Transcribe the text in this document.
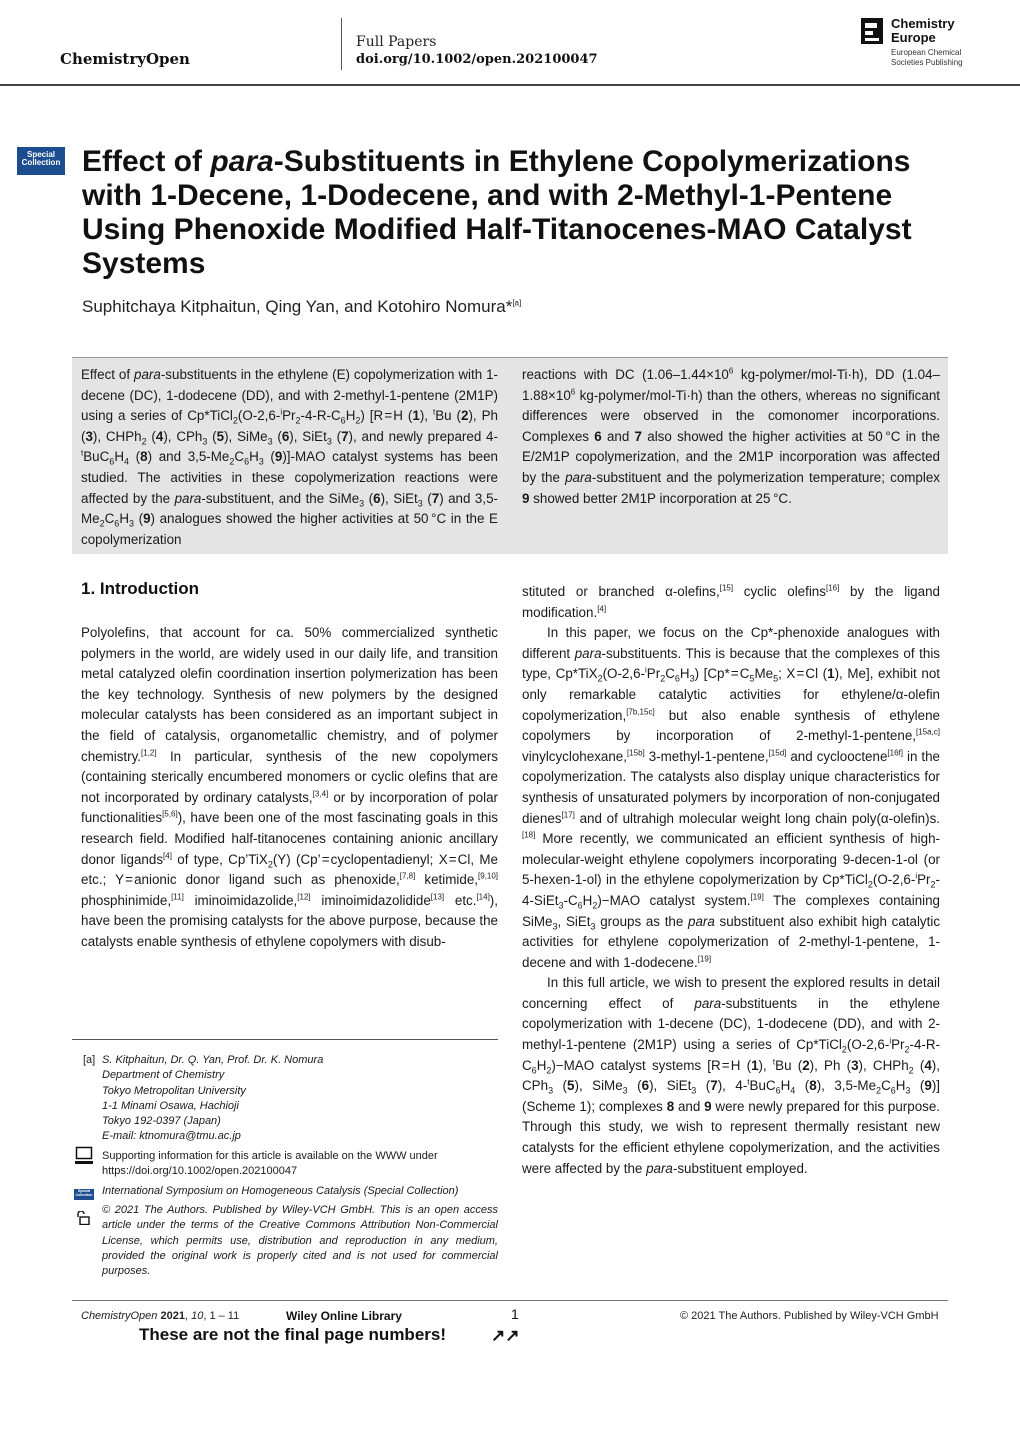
ChemistryOpen
Full Papers
doi.org/10.1002/open.202100047
Chemistry
Europe
European Chemical
Societies Publishing
Special
Collection Effect of para-Substituents in Ethylene Copolymerizations with 1-Decene, 1-Dodecene, and with 2-Methyl-1-Pentene Using Phenoxide Modified Half-Titanocenes-MAO Catalyst Systems
Suphitchaya Kitphaitun, Qing Yan, and Kotohiro Nomura*[a]
Effect of para-substituents in the ethylene (E) copolymerization with 1-decene (DC), 1-dodecene (DD), and with 2-methyl-1-pentene (2M1P) using a series of $Cp*TiCl_2(O-2,6-^iPr_2-4-R-C_6H_2)$ [R = H (1), $^t$Bu (2), Ph (3), CHPh$_2$ (4), CPh$_3$ (5), SiMe$_3$ (6), SiEt$_3$ (7), and newly prepared $4-^tBuC_6H_4$ (8) and $3,5-Me_2C_6H_3$ (9)]-MAO catalyst systems has been studied. The activities in these copolymerization reactions were affected by the para-substituent, and the SiMe$_3$ (6), SiEt$_3$ (7) and $3,5-Me_2C_6H_3$ (9) analogues showed the higher activities at 50 °C in the E copolymerization
reactions with DC ($1.06-1.44\times 10^6$ kg-polymer/mol-Ti·h), DD ($1.04-1.88\times 10^6$ kg-polymer/mol-Ti·h) than the others, whereas no significant differences were observed in the comonomer incorporations. Complexes 6 and 7 also showed the higher activities at 50 °C in the E/2M1P copolymerization, and the 2M1P incorporation was affected by the para-substituent and the polymerization temperature; complex 9 showed better 2M1P incorporation at 25 °C.
1. Introduction

Polyolefins, that account for ca. 50% commercialized synthetic polymers in the world, are widely used in our daily life, and transition metal catalyzed olefin coordination insertion polymerization has been the key technology. Synthesis of new polymers by the designed molecular catalysts has been considered as an important subject in the field of catalysis, organometallic chemistry, and of polymer chemistry.[1,2] In particular, synthesis of the new copolymers (containing sterically encumbered monomers or cyclic olefins that are not incorporated by ordinary catalysts,[3,4] or by incorporation of polar functionalities[5,6]), have been one of the most fascinating goals in this research field. Modified half-titanocenes containing anionic ancillary donor ligands[4] of type, Cp’TiX$_2$(Y) (Cp’ = cyclopentadienyl; X = Cl, Me etc.; Y = anionic donor ligand such as phenoxide,[7,8] ketimide,[9,10] phosphinimide,[11] iminoimidazolide,[12] iminoimidazolidide[13] etc.[14]), have been the promising catalysts for the above purpose, because the catalysts enable synthesis of ethylene copolymers with disub-

stituted or branched α-olefins,[15] cyclic olefins[16] by the ligand modification.[4]

In this paper, we focus on the Cp*-phenoxide analogues with different para-substituents. This is because that the complexes of this type, $Cp*TiX_2(O-2,6-^iPr_2C_6H_3)$ [Cp* = $C_5Me_5$; X = Cl (1), Me], exhibit not only remarkable catalytic activities for ethylene/α-olefin copolymerization,[7b,15c] but also enable synthesis of ethylene copolymers by incorporation of 2-methyl-1-pentene,[15a,c] vinylcyclohexane,[15b] 3-methyl-1-pentene,[15d] and cyclooctene[16f] in the copolymerization. The catalysts also display unique characteristics for synthesis of unsaturated polymers by incorporation of non-conjugated dienes[17] and of ultrahigh molecular weight long chain poly(α-olefin)s.[18] More recently, we communicated an efficient synthesis of high-molecular-weight ethylene copolymers incorporating 9-decen-1-ol (or 5-hexen-1-ol) in the ethylene copolymerization by $Cp*TiCl_2(O-2,6-^iPr_2-4-SiEt_3-C_6H_2)-MAO$ catalyst system.[19] The complexes containing SiMe$_3$, SiEt$_3$ groups as the para substituent also exhibit high catalytic activities for ethylene copolymerization of 2-methyl-1-pentene, 1-decene and with 1-dodecene.[19]

In this full article, we wish to present the explored results in detail concerning effect of para-substituents in the ethylene copolymerization with 1-decene (DC), 1-dodecene (DD), and with 2-methyl-1-pentene (2M1P) using a series of $Cp*TiCl_2(O-2,6-^iPr_2-4-R-C_6H_2)-MAO$ catalyst systems [R = H (1), $^t$Bu (2), Ph (3), CHPh$_2$ (4), CPh$_3$ (5), SiMe$_3$ (6), SiEt$_3$ (7), $4-^tBuC_6H_4$ (8), $3,5-Me_2C_6H_3$ (9)] (Scheme 1); complexes 8 and 9 were newly prepared for this purpose. Through this study, we wish to represent thermally resistant new catalysts for the efficient ethylene copolymerization, and the activities were affected by the para-substituent employed.

[a] S. Kitphaitun, Dr. Q. Yan, Prof. Dr. K. Nomura
Department of Chemistry
Tokyo Metropolitan University
1-1 Minami Osawa, Hachioji
Tokyo 192-0397 (Japan)
E-mail: ktnomura@tmu.ac.jp
Supporting information for this article is available on the WWW under
https://doi.org/10.1002/open.202100047
Special
Collection International Symposium on Homogeneous Catalysis (Special Collection)
© 2021 The Authors. Published by Wiley-VCH GmbH. This is an open access article under the terms of the Creative Commons Attribution Non-Commercial License, which permits use, distribution and reproduction in any medium, provided the original work is properly cited and is not used for commercial purposes.
ChemistryOpen 2021, 10, 1 – 11	Wiley Online Library	1	© 2021 The Authors. Published by Wiley-VCH GmbH
These are not the final page numbers!	↗↗
